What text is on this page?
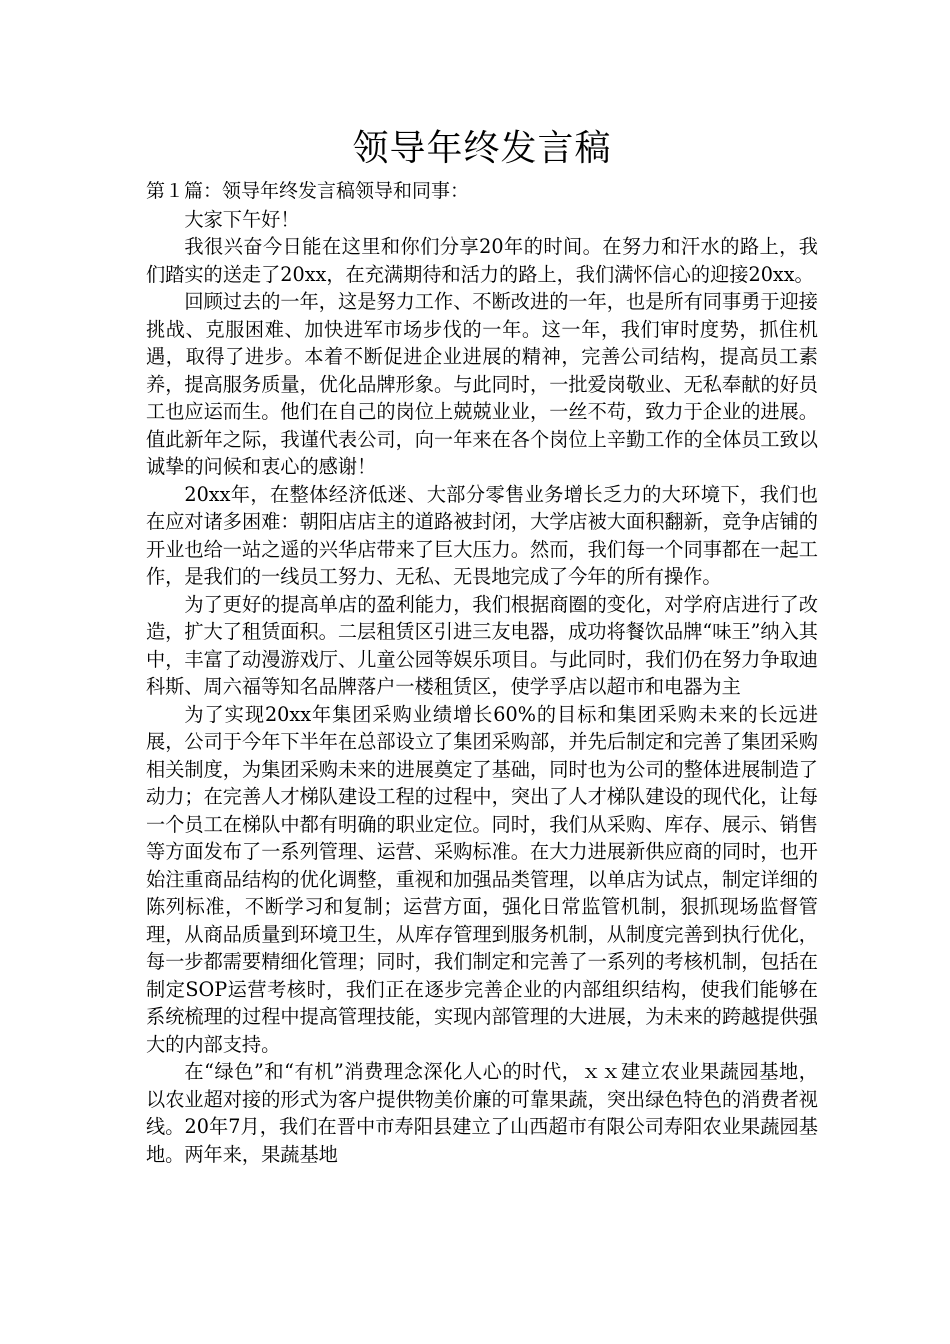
领导年终发言稿

第１篇：领导年终发言稿领导和同事：

大家下午好！

我很兴奋今日能在这里和你们分享20年的时间。在努力和汗水的路上，我们踏实的送走了20xx，在充满期待和活力的路上，我们满怀信心的迎接20xx。

回顾过去的一年，这是努力工作、不断改进的一年，也是所有同事勇于迎接挑战、克服困难、加快进军市场步伐的一年。这一年，我们审时度势，抓住机遇，取得了进步。本着不断促进企业进展的精神，完善公司结构，提高员工素养，提高服务质量，优化品牌形象。与此同时，一批爱岗敬业、无私奉献的好员工也应运而生。他们在自己的岗位上兢兢业业，一丝不苟，致力于企业的进展。值此新年之际，我谨代表公司，向一年来在各个岗位上辛勤工作的全体员工致以诚挚的问候和衷心的感谢！

20xx年，在整体经济低迷、大部分零售业务增长乏力的大环境下，我们也在应对诸多困难：朝阳店店主的道路被封闭，大学店被大面积翻新，竞争店铺的开业也给一站之遥的兴华店带来了巨大压力。然而，我们每一个同事都在一起工作，是我们的一线员工努力、无私、无畏地完成了今年的所有操作。

为了更好的提高单店的盈利能力，我们根据商圈的变化，对学府店进行了改造，扩大了租赁面积。二层租赁区引进三友电器，成功将餐饮品牌“味王”纳入其中，丰富了动漫游戏厅、儿童公园等娱乐项目。与此同时，我们仍在努力争取迪科斯、周六福等知名品牌落户一楼租赁区，使学孚店以超市和电器为主

为了实现20xx年集团采购业绩增长60%的目标和集团采购未来的长远进展，公司于今年下半年在总部设立了集团采购部，并先后制定和完善了集团采购相关制度，为集团采购未来的进展奠定了基础，同时也为公司的整体进展制造了动力；在完善人才梯队建设工程的过程中，突出了人才梯队建设的现代化，让每一个员工在梯队中都有明确的职业定位。同时，我们从采购、库存、展示、销售等方面发布了一系列管理、运营、采购标准。在大力进展新供应商的同时，也开始注重商品结构的优化调整，重视和加强品类管理，以单店为试点，制定详细的陈列标准，不断学习和复制；运营方面，强化日常监管机制，狠抓现场监督管理，从商品质量到环境卫生，从库存管理到服务机制，从制度完善到执行优化，每一步都需要精细化管理；同时，我们制定和完善了一系列的考核机制，包括在制定SOP运营考核时，我们正在逐步完善企业的内部组织结构，使我们能够在系统梳理的过程中提高管理技能，实现内部管理的大进展，为未来的跨越提供强大的内部支持。

在“绿色”和“有机”消费理念深化人心的时代，ｘｘ建立农业果蔬园基地，以农业超对接的形式为客户提供物美价廉的可靠果蔬，突出绿色特色的消费者视线。20年7月，我们在晋中市寿阳县建立了山西超市有限公司寿阳农业果蔬园基地。两年来，果蔬基地
